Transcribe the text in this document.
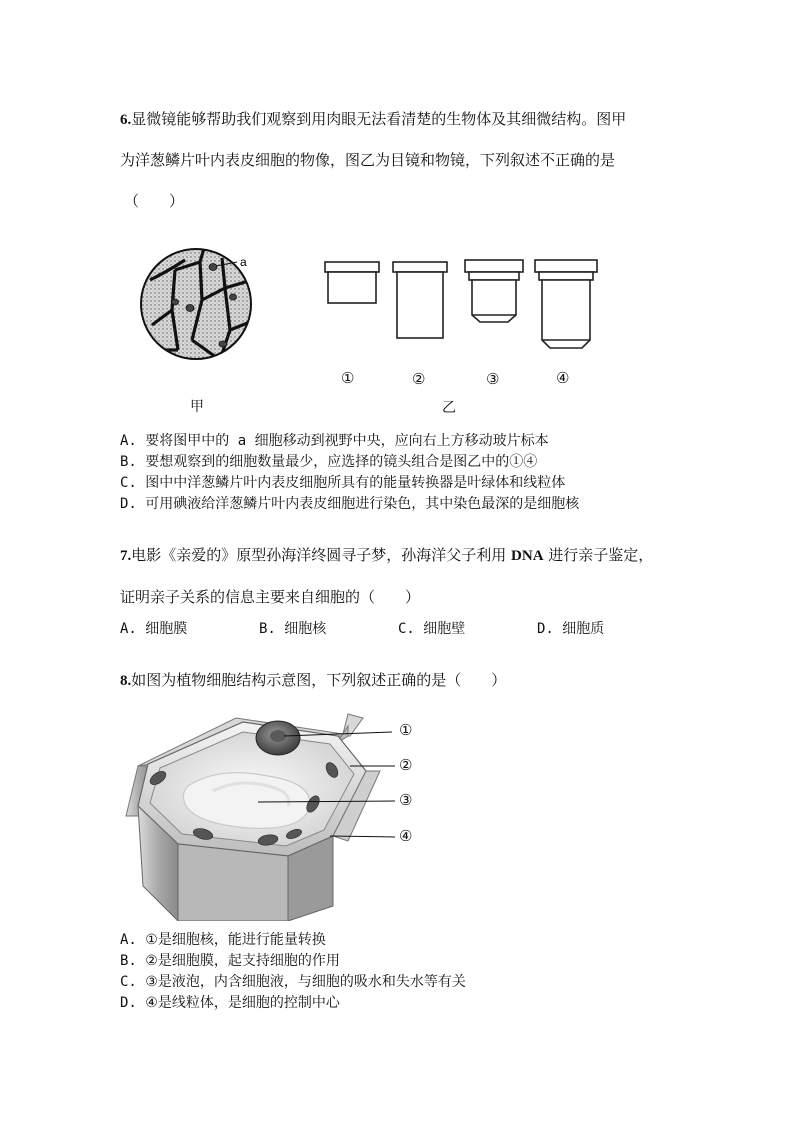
6.显微镜能够帮助我们观察到用肉眼无法看清楚的生物体及其细微结构。图甲
为洋葱鳞片叶内表皮细胞的物像，图乙为目镜和物镜，下列叙述不正确的是
（　　）
a
甲
①	②	③	④
乙
A. 要将图甲中的 a 细胞移动到视野中央，应向右上方移动玻片标本
B. 要想观察到的细胞数量最少，应选择的镜头组合是图乙中的①④
C. 图中中洋葱鳞片叶内表皮细胞所具有的能量转换器是叶绿体和线粒体
D. 可用碘液给洋葱鳞片叶内表皮细胞进行染色，其中染色最深的是细胞核
7.电影《亲爱的》原型孙海洋终圆寻子梦，孙海洋父子利用 DNA 进行亲子鉴定，
证明亲子关系的信息主要来自细胞的（　　）
A. 细胞膜	B. 细胞核	C. 细胞壁	D. 细胞质
8.如图为植物细胞结构示意图，下列叙述正确的是（　　）
①
②
③
④
A. ①是细胞核，能进行能量转换
B. ②是细胞膜，起支持细胞的作用
C. ③是液泡，内含细胞液，与细胞的吸水和失水等有关
D. ④是线粒体，是细胞的控制中心
